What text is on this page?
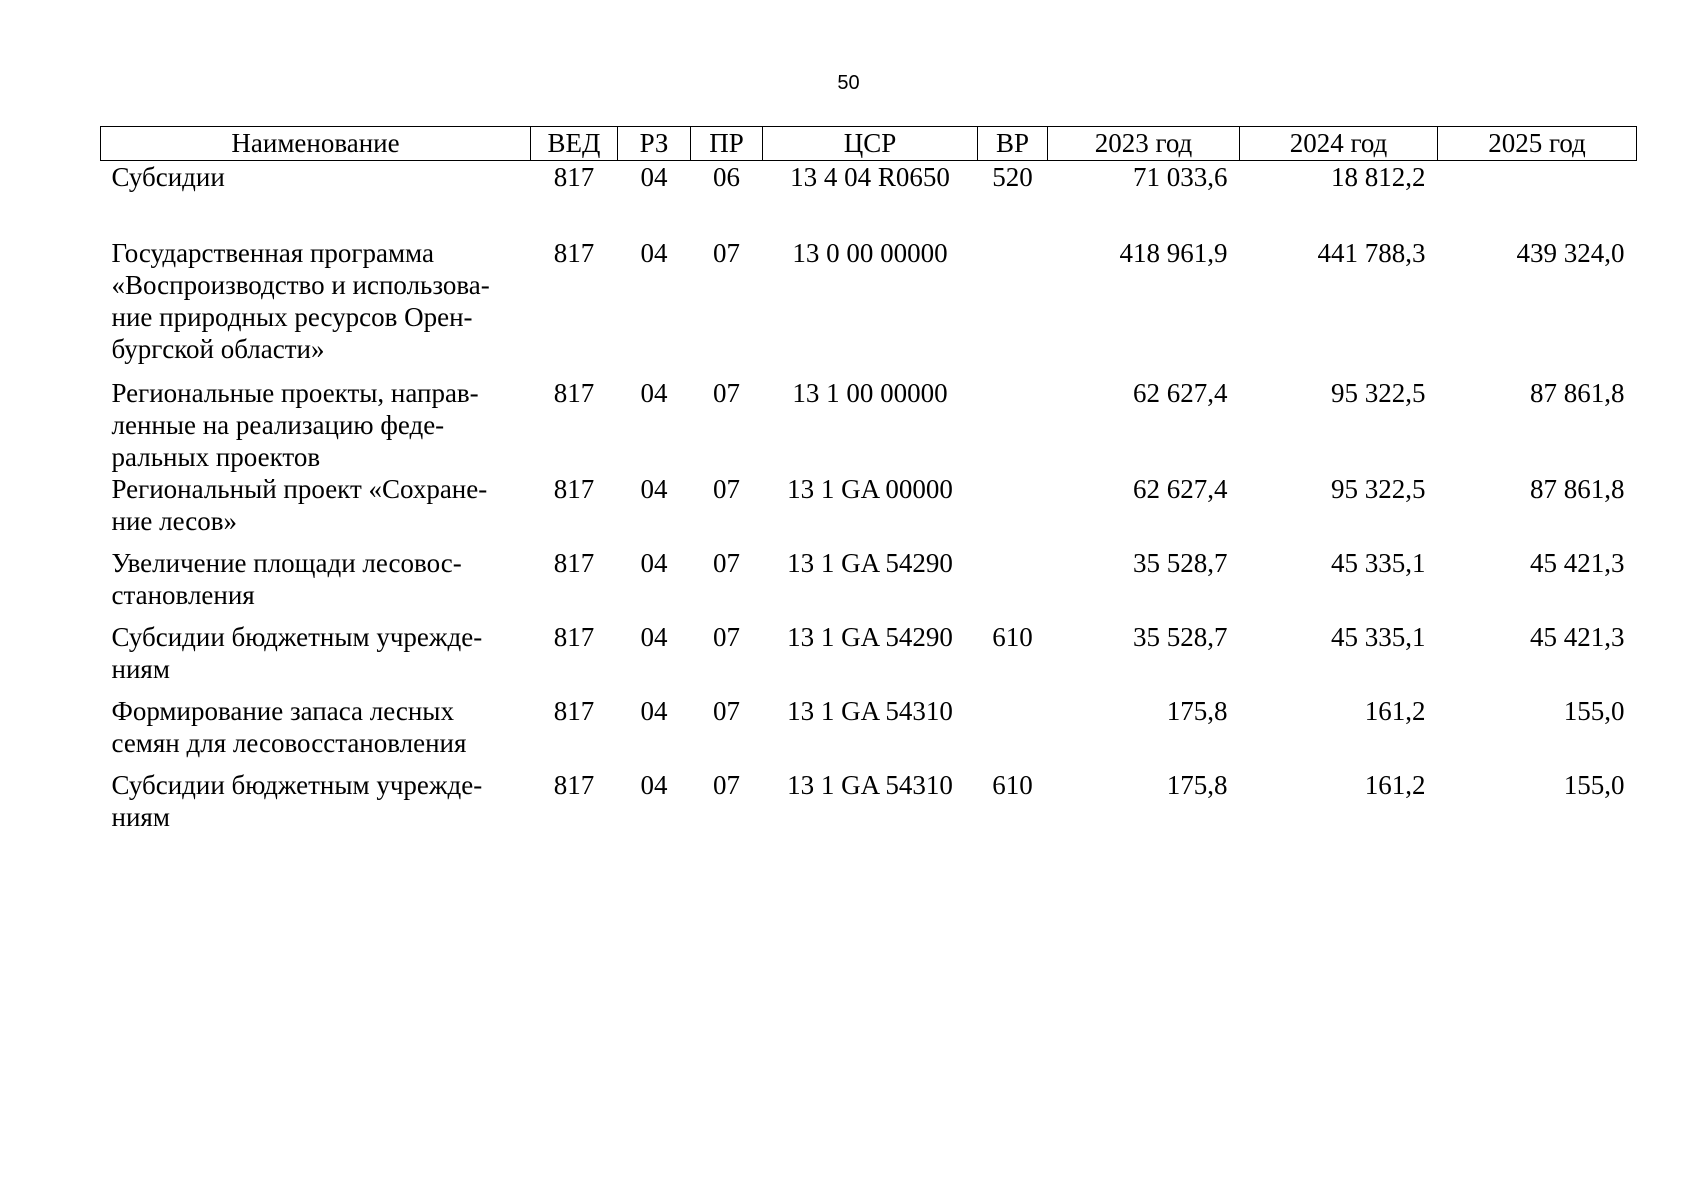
50
Наименование	ВЕД	РЗ	ПР	ЦСР	ВР	2023 год	2024 год	2025 год
Субсидии	817	04	06	13 4 04 R0650	520	71 033,6	18 812,2	
Государственная программа «Воспроизводство и использова-ние природных ресурсов Орен-бургской области»	817	04	07	13 0 00 00000		418 961,9	441 788,3	439 324,0
Региональные проекты, направ-ленные на реализацию феде-ральных проектов	817	04	07	13 1 00 00000		62 627,4	95 322,5	87 861,8
Региональный проект «Сохране-ние лесов»	817	04	07	13 1 GA 00000		62 627,4	95 322,5	87 861,8
Увеличение площади лесовос-становления	817	04	07	13 1 GA 54290		35 528,7	45 335,1	45 421,3
Субсидии бюджетным учрежде-ниям	817	04	07	13 1 GA 54290	610	35 528,7	45 335,1	45 421,3
Формирование запаса лесных семян для лесовосстановления	817	04	07	13 1 GA 54310		175,8	161,2	155,0
Субсидии бюджетным учрежде-ниям	817	04	07	13 1 GA 54310	610	175,8	161,2	155,0
